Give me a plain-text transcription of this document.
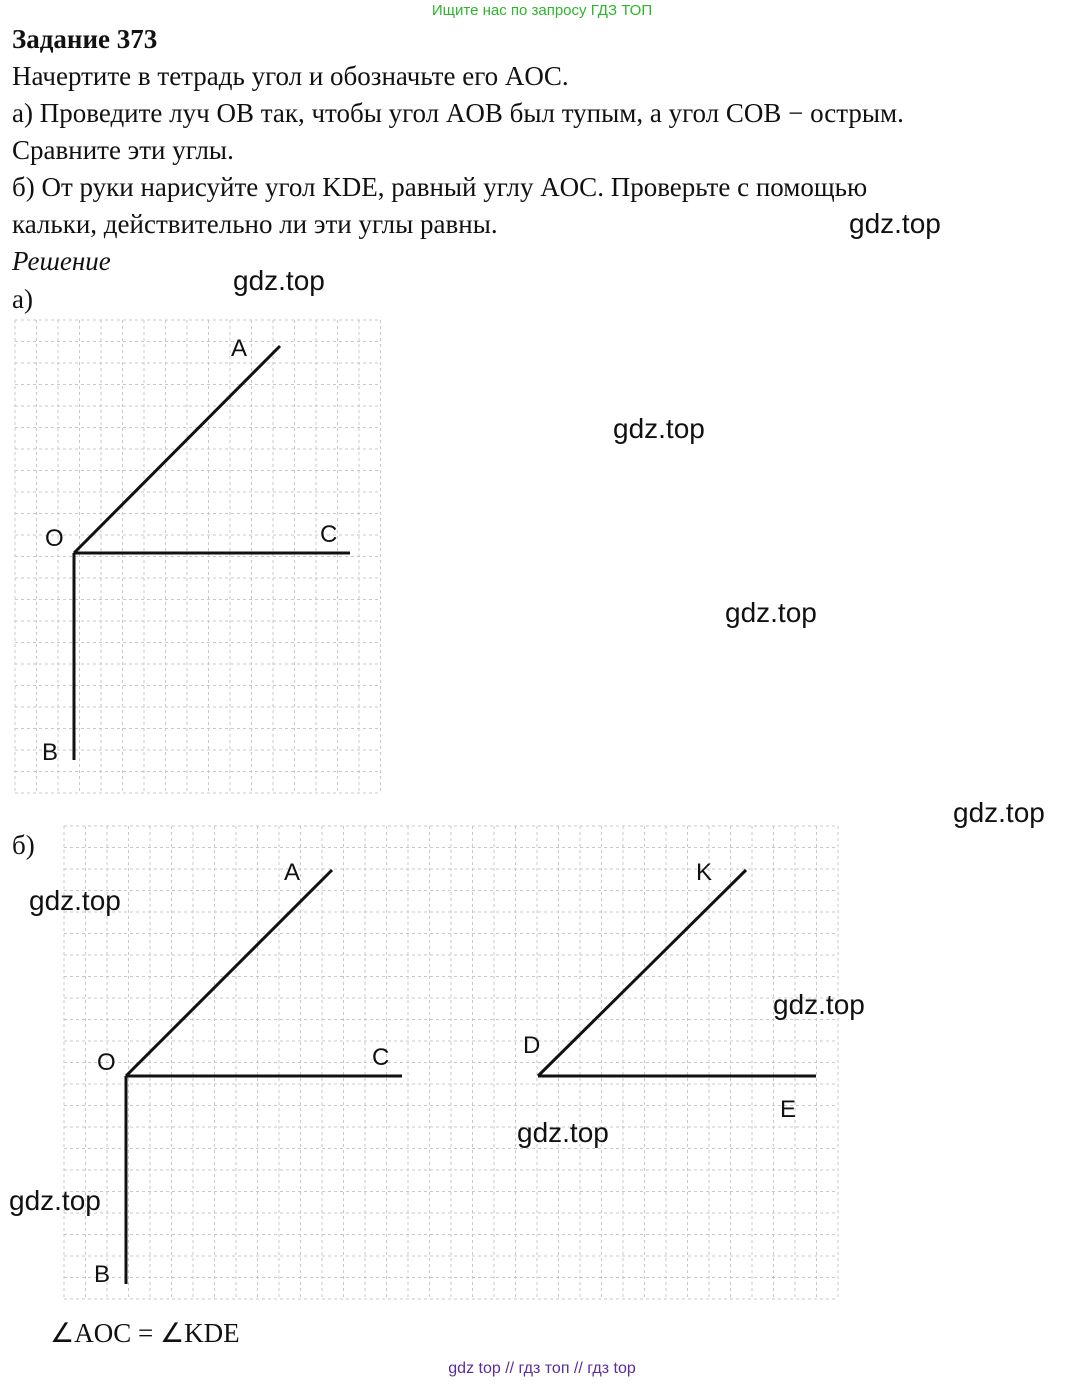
Ищите нас по запросу ГДЗ ТОП
Задание 373
Начертите в тетрадь угол и обозначьте его AOC.
а) Проведите луч OB так, чтобы угол AOB был тупым, а угол COB − острым.
Сравните эти углы.
б) От руки нарисуйте угол KDE, равный углу AOC. Проверьте с помощью
кальки, действительно ли эти углы равны.
Решение
а)
б)
A
O	C
B
A
O	C
B
K
D
E
∠AOC = ∠KDE
gdz.top
gdz.top
gdz.top
gdz.top
gdz.top
gdz.top
gdz.top
gdz.top
gdz.top
gdz top // гдз топ // гдз top
